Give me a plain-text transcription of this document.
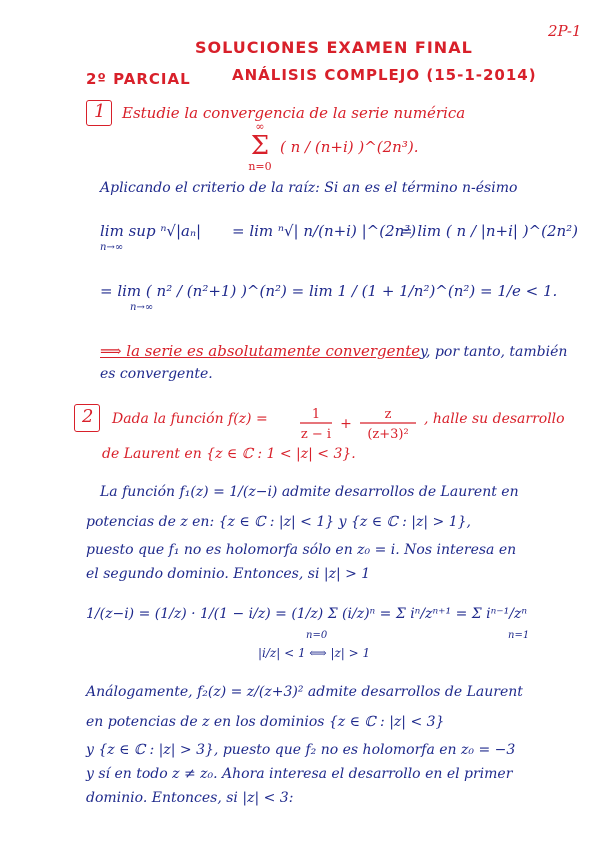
2P-1
SOLUCIONES EXAMEN FINAL
ANÁLISIS COMPLEJO (15-1-2014)
2º PARCIAL
1 Estudie la convergencia de la serie numérica
∞
Σ
n=0
( n / (n+i) )^(2n³).
Aplicando el criterio de la raíz: Si an es el término n-ésimo
lim sup ⁿ√|aₙ|
n→∞
= lim ⁿ√| n/(n+i) |^(2n³)
= lim ( n / |n+i| )^(2n²)
= lim ( n² / (n²+1) )^(n²) = lim 1 / (1 + 1/n²)^(n²) = 1/e < 1.
n→∞
⟹ la serie es absolutamente convergente y, por tanto, también
es convergente.
2 Dada la función f(z) =	1
z − i
+
z
(z+3)²
, halle su desarrollo
de Laurent en {z ∈ ℂ : 1 < |z| < 3}.
La función f₁(z) = 1/(z−i) admite desarrollos de Laurent en
potencias de z en: {z ∈ ℂ : |z| < 1} y {z ∈ ℂ : |z| > 1},
puesto que f₁ no es holomorfa sólo en z₀ = i. Nos interesa en
el segundo dominio. Entonces, si |z| > 1
1/(z−i) = (1/z) · 1/(1 − i/z) = (1/z) Σ (i/z)ⁿ = Σ iⁿ/zⁿ⁺¹ = Σ iⁿ⁻¹/zⁿ
n=0	n=1
|i/z| < 1 ⟺ |z| > 1
Análogamente, f₂(z) = z/(z+3)² admite desarrollos de Laurent
en potencias de z en los dominios {z ∈ ℂ : |z| < 3}
y {z ∈ ℂ : |z| > 3}, puesto que f₂ no es holomorfa en z₀ = −3
y sí en todo z ≠ z₀. Ahora interesa el desarrollo en el primer
dominio. Entonces, si |z| < 3:
